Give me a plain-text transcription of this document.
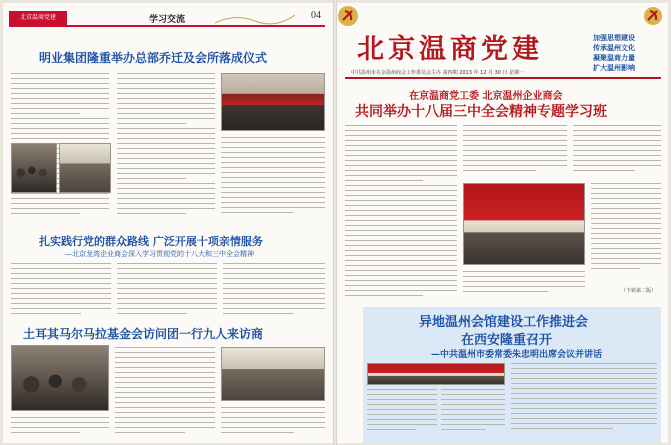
北京温商党建	学习交流	04
明业集团隆重举办总部乔迁及会所落成仪式
扎实践行党的群众路线 广泛开展十项亲情服务
—北京龙湾企业商会深入学习贯彻党的十八大和三中全会精神
土耳其马尔马拉基金会访问团一行九人来访商
北京温商党建	加强思想建设
传承温州文化
凝聚温商力量
扩大温州影响
中共温州市在京温州商会工作委员会主办 第四期 2013 年 12 月 30 日 星期一
在京温商党工委 北京温州企业商会
共同举办十八届三中全会精神专题学习班
（下转第二版）
异地温州会馆建设工作推进会
在西安隆重召开
—中共温州市委常委朱忠明出席会议并讲话
